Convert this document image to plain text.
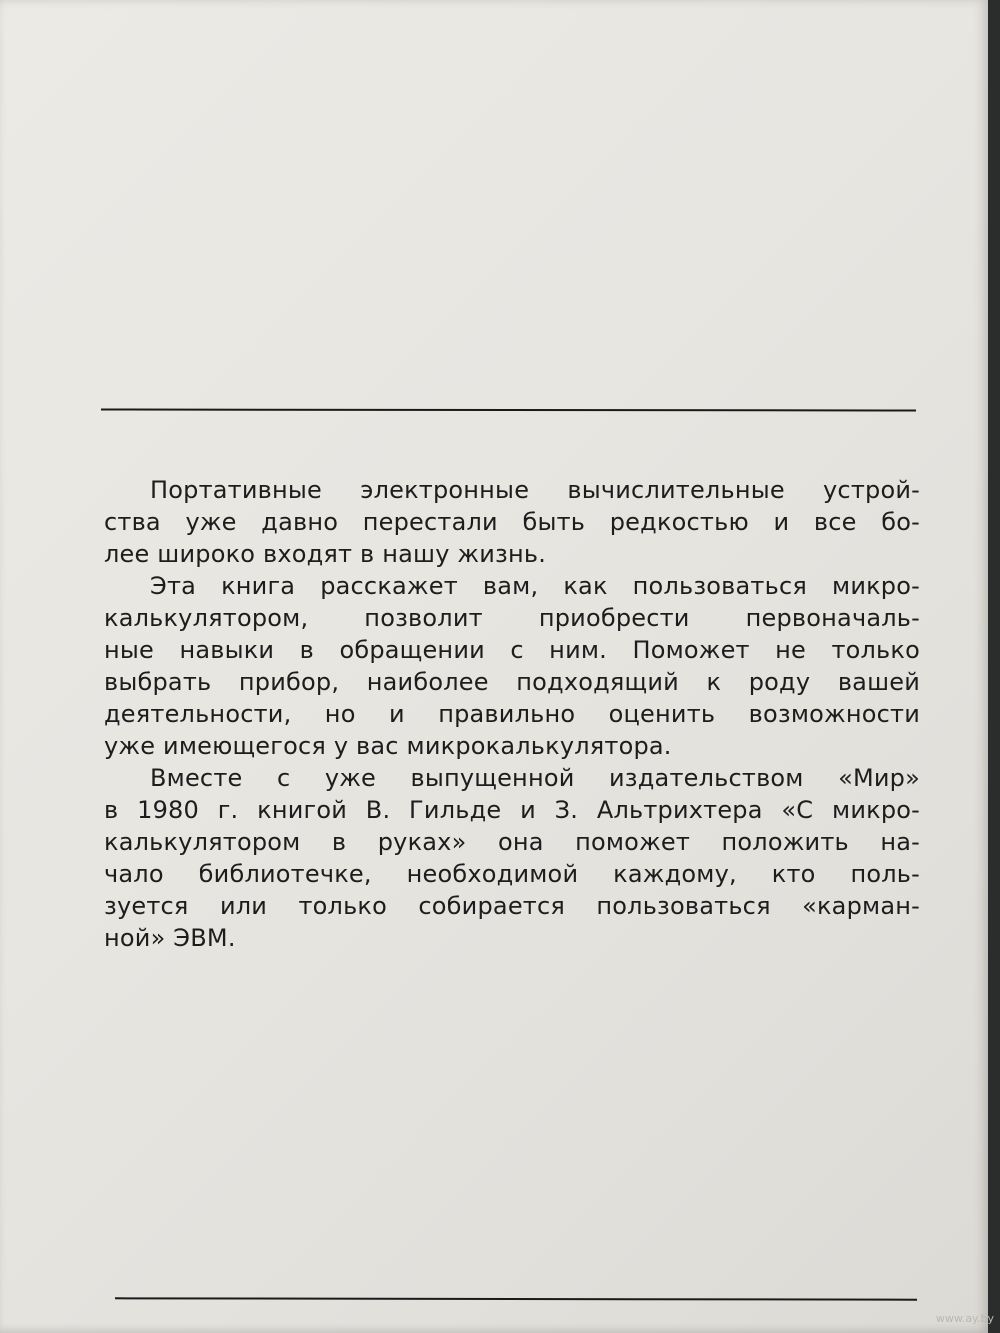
Портативные электронные вычислительные устрой-
ства уже давно перестали быть редкостью и все бо-
лее широко входят в нашу жизнь.
Эта книга расскажет вам, как пользоваться микро-
калькулятором, позволит приобрести первоначаль-
ные навыки в обращении с ним. Поможет не только
выбрать прибор, наиболее подходящий к роду вашей
деятельности, но и правильно оценить возможности
уже имеющегося у вас микрокалькулятора.
Вместе с уже выпущенной издательством «Мир»
в 1980 г. книгой В. Гильде и З. Альтрихтера «С микро-
калькулятором в руках» она поможет положить на-
чало библиотечке, необходимой каждому, кто поль-
зуется или только собирается пользоваться «карман-
ной» ЭВМ.
www.ay.by
